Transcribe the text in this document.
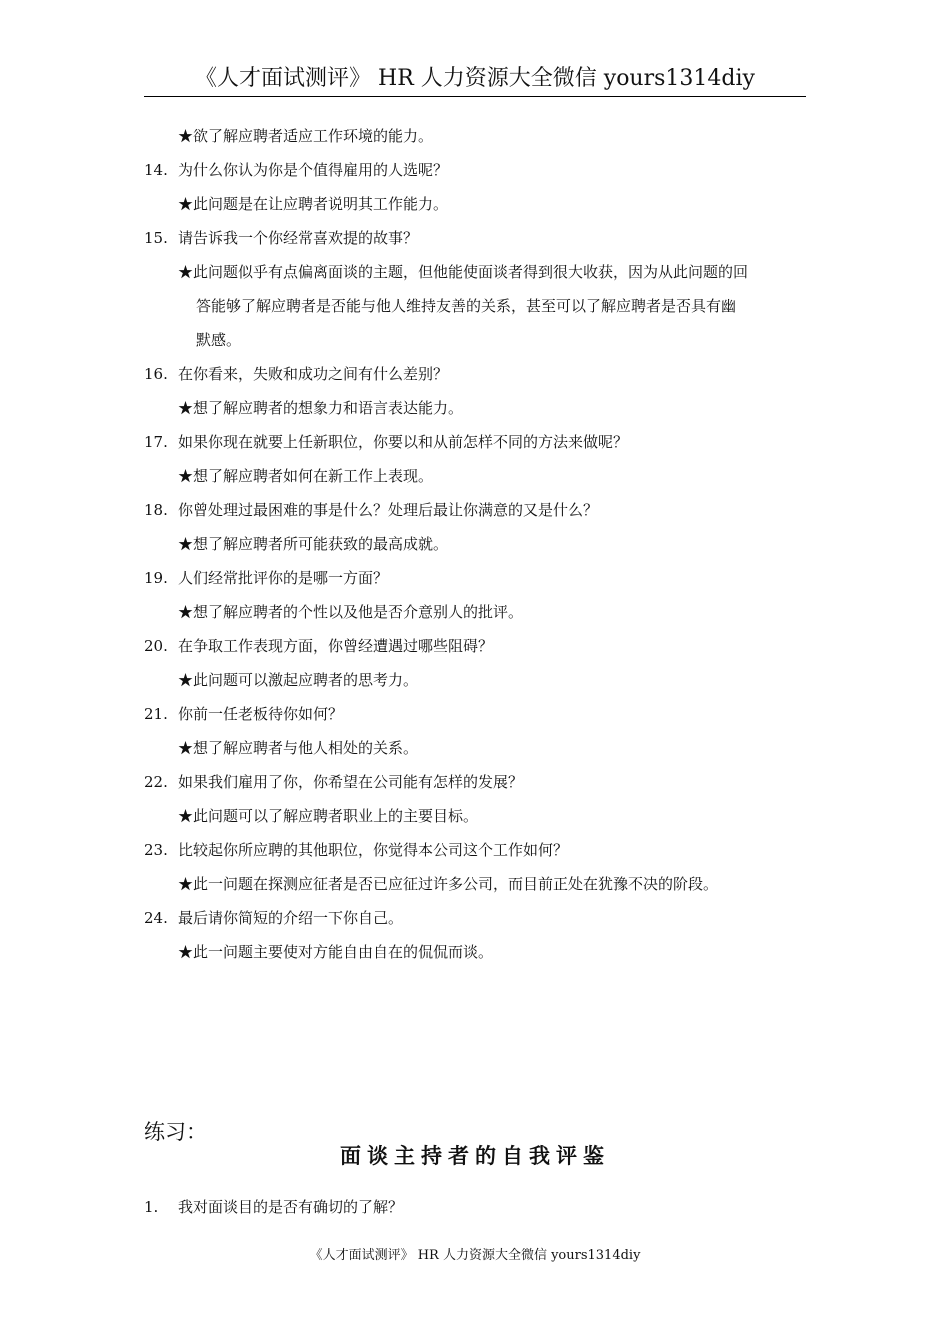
《人才面试测评》 HR 人力资源大全微信 yours1314diy
★欲了解应聘者适应工作环境的能力。
14. 为什么你认为你是个值得雇用的人选呢？
★此问题是在让应聘者说明其工作能力。
15. 请告诉我一个你经常喜欢提的故事？
★此问题似乎有点偏离面谈的主题，但他能使面谈者得到很大收获，因为从此问题的回
答能够了解应聘者是否能与他人维持友善的关系，甚至可以了解应聘者是否具有幽
默感。
16. 在你看来，失败和成功之间有什么差别？
★想了解应聘者的想象力和语言表达能力。
17. 如果你现在就要上任新职位，你要以和从前怎样不同的方法来做呢？
★想了解应聘者如何在新工作上表现。
18. 你曾处理过最困难的事是什么？处理后最让你满意的又是什么？
★想了解应聘者所可能获致的最高成就。
19. 人们经常批评你的是哪一方面？
★想了解应聘者的个性以及他是否介意别人的批评。
20. 在争取工作表现方面，你曾经遭遇过哪些阻碍？
★此问题可以激起应聘者的思考力。
21. 你前一任老板待你如何？
★想了解应聘者与他人相处的关系。
22. 如果我们雇用了你，你希望在公司能有怎样的发展？
★此问题可以了解应聘者职业上的主要目标。
23. 比较起你所应聘的其他职位，你觉得本公司这个工作如何？
★此一问题在探测应征者是否已应征过许多公司，而目前正处在犹豫不决的阶段。
24. 最后请你简短的介绍一下你自己。
★此一问题主要使对方能自由自在的侃侃而谈。
练习：
面谈主持者的自我评鉴
1. 我对面谈目的是否有确切的了解？
《人才面试测评》 HR 人力资源大全微信 yours1314diy
